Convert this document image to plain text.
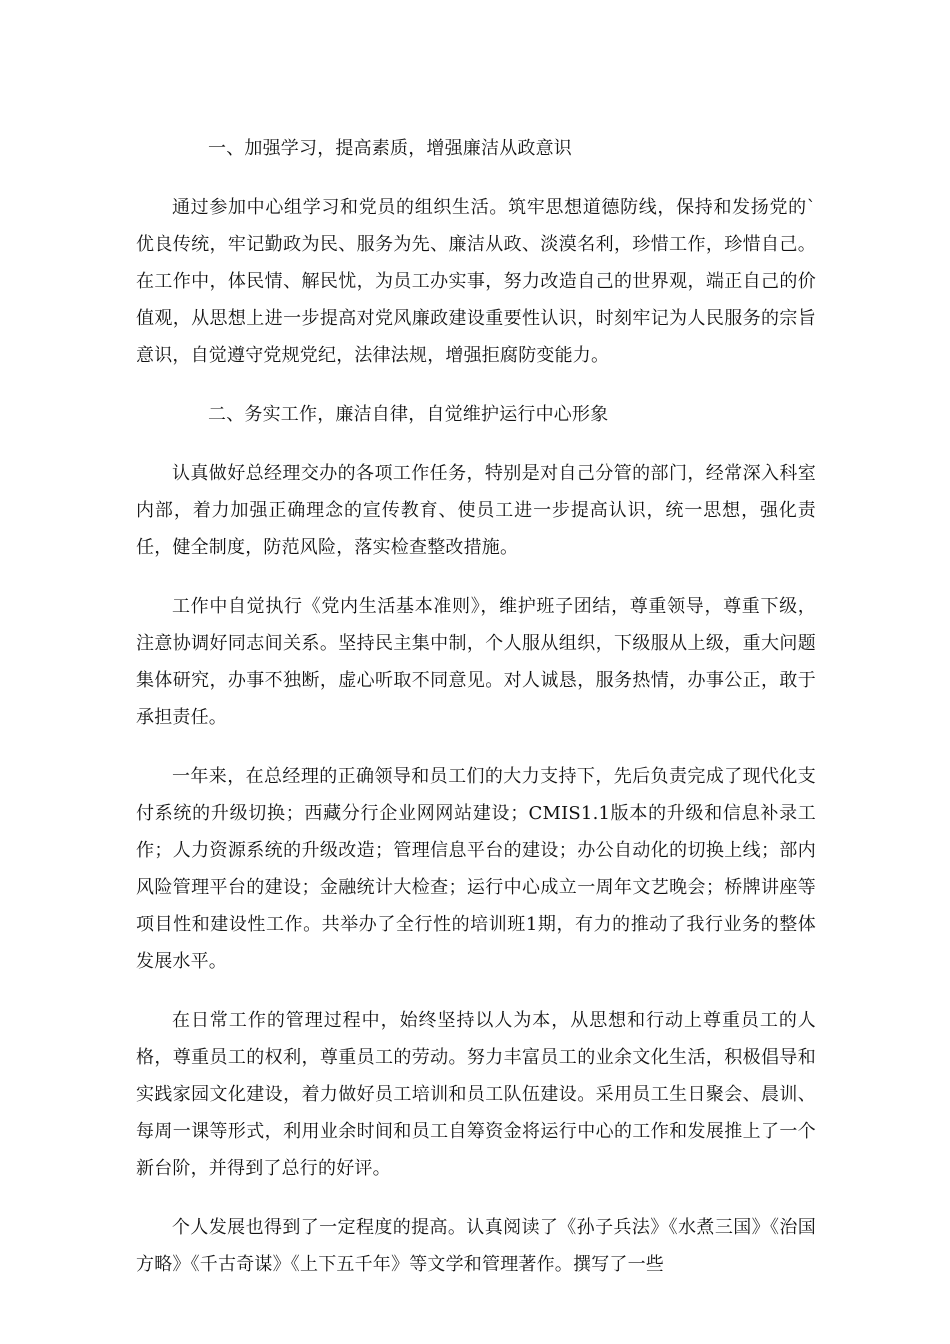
一、加强学习，提高素质，增强廉洁从政意识

通过参加中心组学习和党员的组织生活。筑牢思想道德防线，保持和发扬党的`优良传统，牢记勤政为民、服务为先、廉洁从政、淡漠名利，珍惜工作，珍惜自己。在工作中，体民情、解民忧，为员工办实事，努力改造自己的世界观，端正自己的价值观，从思想上进一步提高对党风廉政建设重要性认识，时刻牢记为人民服务的宗旨意识，自觉遵守党规党纪，法律法规，增强拒腐防变能力。

二、务实工作，廉洁自律，自觉维护运行中心形象

认真做好总经理交办的各项工作任务，特别是对自己分管的部门，经常深入科室内部，着力加强正确理念的宣传教育、使员工进一步提高认识，统一思想，强化责任，健全制度，防范风险，落实检查整改措施。

工作中自觉执行《党内生活基本准则》，维护班子团结，尊重领导，尊重下级，注意协调好同志间关系。坚持民主集中制，个人服从组织，下级服从上级，重大问题集体研究，办事不独断，虚心听取不同意见。对人诚恳，服务热情，办事公正，敢于承担责任。

一年来，在总经理的正确领导和员工们的大力支持下，先后负责完成了现代化支付系统的升级切换；西藏分行企业网网站建设；CMIS1.1版本的升级和信息补录工作；人力资源系统的升级改造；管理信息平台的建设；办公自动化的切换上线；部内风险管理平台的建设；金融统计大检查；运行中心成立一周年文艺晚会；桥牌讲座等项目性和建设性工作。共举办了全行性的培训班1期，有力的推动了我行业务的整体发展水平。

在日常工作的管理过程中，始终坚持以人为本，从思想和行动上尊重员工的人格，尊重员工的权利，尊重员工的劳动。努力丰富员工的业余文化生活，积极倡导和实践家园文化建设，着力做好员工培训和员工队伍建设。采用员工生日聚会、晨训、每周一课等形式，利用业余时间和员工自筹资金将运行中心的工作和发展推上了一个新台阶，并得到了总行的好评。

个人发展也得到了一定程度的提高。认真阅读了《孙子兵法》《水煮三国》《治国方略》《千古奇谋》《上下五千年》等文学和管理著作。撰写了一些
